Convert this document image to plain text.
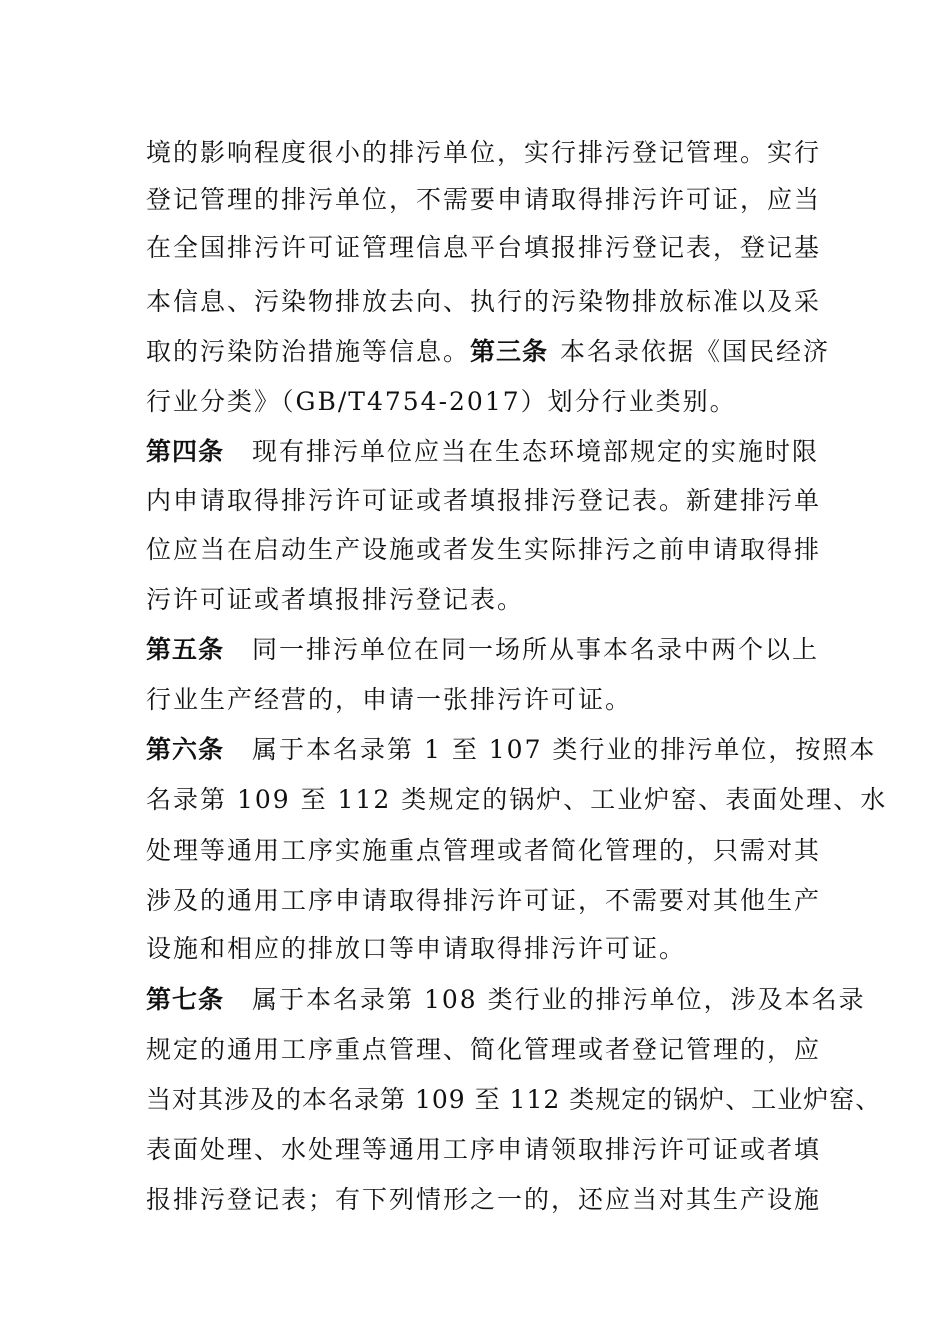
境的影响程度很小的排污单位，实行排污登记管理。实行
登记管理的排污单位，不需要申请取得排污许可证，应当
在全国排污许可证管理信息平台填报排污登记表，登记基
本信息、污染物排放去向、执行的污染物排放标准以及采
取的污染防治措施等信息。第三条 本名录依据《国民经济
行业分类》（GB/T4754-2017）划分行业类别。
第四条 现有排污单位应当在生态环境部规定的实施时限
内申请取得排污许可证或者填报排污登记表。新建排污单
位应当在启动生产设施或者发生实际排污之前申请取得排
污许可证或者填报排污登记表。
第五条 同一排污单位在同一场所从事本名录中两个以上
行业生产经营的，申请一张排污许可证。
第六条 属于本名录第 1 至 107 类行业的排污单位，按照本
名录第 109 至 112 类规定的锅炉、工业炉窑、表面处理、水
处理等通用工序实施重点管理或者简化管理的，只需对其
涉及的通用工序申请取得排污许可证，不需要对其他生产
设施和相应的排放口等申请取得排污许可证。
第七条 属于本名录第 108 类行业的排污单位，涉及本名录
规定的通用工序重点管理、简化管理或者登记管理的，应
当对其涉及的本名录第 109 至 112 类规定的锅炉、工业炉窑、
表面处理、水处理等通用工序申请领取排污许可证或者填
报排污登记表；有下列情形之一的，还应当对其生产设施
